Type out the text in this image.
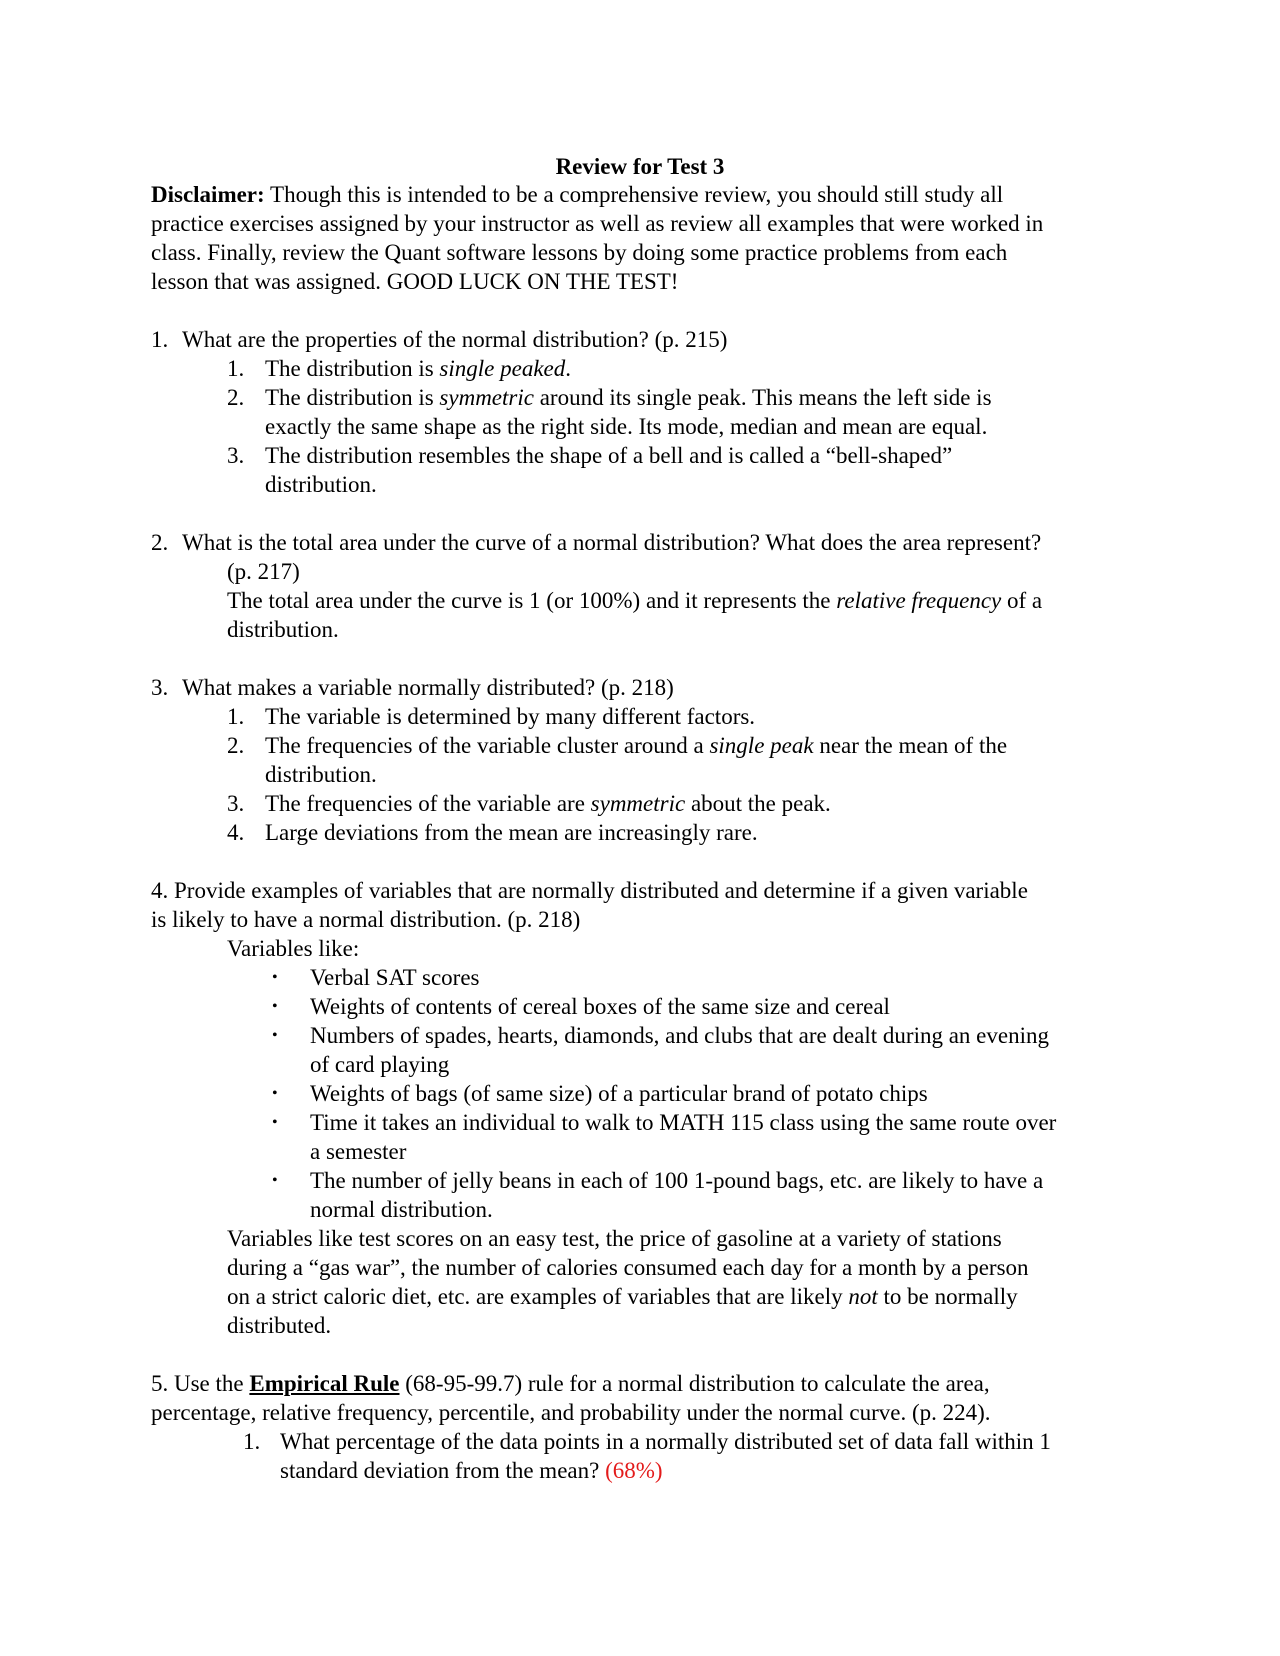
Review for Test 3
Disclaimer: Though this is intended to be a comprehensive review, you should still study all
practice exercises assigned by your instructor as well as review all examples that were worked in
class. Finally, review the Quant software lessons by doing some practice problems from each
lesson that was assigned. GOOD LUCK ON THE TEST!
1. What are the properties of the normal distribution? (p. 215)
1. The distribution is single peaked.
2. The distribution is symmetric around its single peak. This means the left side is
exactly the same shape as the right side. Its mode, median and mean are equal.
3. The distribution resembles the shape of a bell and is called a “bell-shaped”
distribution.
2. What is the total area under the curve of a normal distribution? What does the area represent?
(p. 217)
The total area under the curve is 1 (or 100%) and it represents the relative frequency of a
distribution.
3. What makes a variable normally distributed? (p. 218)
1. The variable is determined by many different factors.
2. The frequencies of the variable cluster around a single peak near the mean of the
distribution.
3. The frequencies of the variable are symmetric about the peak.
4. Large deviations from the mean are increasingly rare.
4. Provide examples of variables that are normally distributed and determine if a given variable
is likely to have a normal distribution. (p. 218)
Variables like:
• Verbal SAT scores
• Weights of contents of cereal boxes of the same size and cereal
• Numbers of spades, hearts, diamonds, and clubs that are dealt during an evening
of card playing
• Weights of bags (of same size) of a particular brand of potato chips
• Time it takes an individual to walk to MATH 115 class using the same route over
a semester
• The number of jelly beans in each of 100 1-pound bags, etc. are likely to have a
normal distribution.
Variables like test scores on an easy test, the price of gasoline at a variety of stations
during a “gas war”, the number of calories consumed each day for a month by a person
on a strict caloric diet, etc. are examples of variables that are likely not to be normally
distributed.
5. Use the Empirical Rule (68-95-99.7) rule for a normal distribution to calculate the area,
percentage, relative frequency, percentile, and probability under the normal curve. (p. 224).
1. What percentage of the data points in a normally distributed set of data fall within 1
standard deviation from the mean? (68%)
